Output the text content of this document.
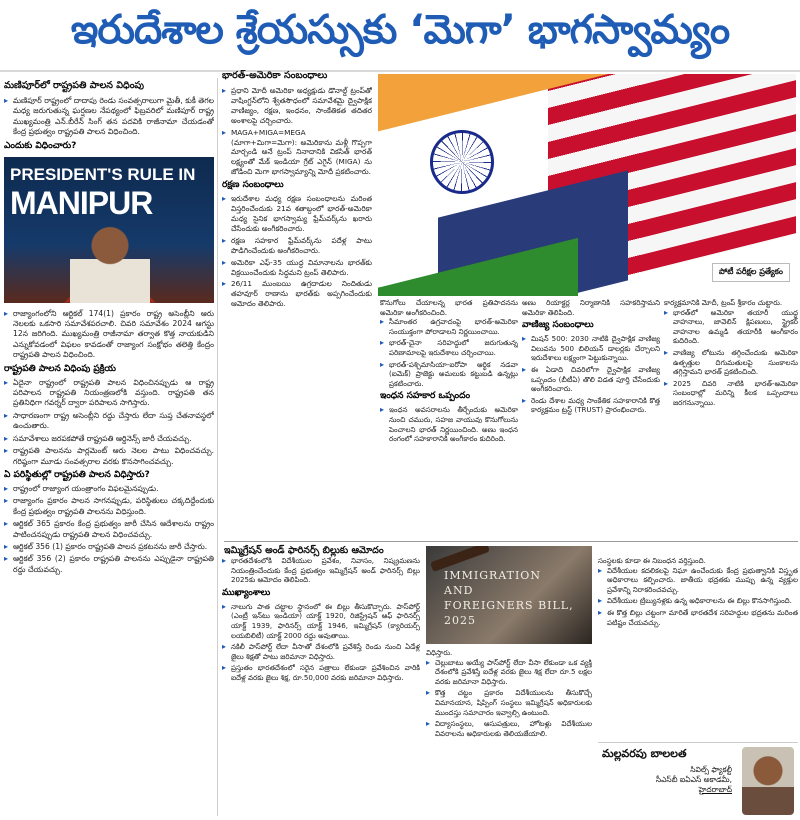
ఇరుదేశాల శ్రేయస్సుకు ‘మెగా’ భాగస్వామ్యం
మణిపూర్‌లో రాష్ట్రపతి పాలన విధింపు
▸ మణిపూర్ రాష్ట్రంలో దాదాపు రెండు సంవత్సరాలుగా మైతీ, కుకీ తెగల మధ్య జరుగుతున్న ఘర్షణల నేపథ్యంలో ఫిబ్రవరిలో మణిపూర్ రాష్ట్ర ముఖ్యమంత్రి ఎన్.బీరేన్ సింగ్ తన పదవికి రాజీనామా చేయడంతో కేంద్ర ప్రభుత్వం రాష్ట్రపతి పాలన విధించింది.
ఎందుకు విధించారు?
PRESIDENT'S RULE IN
MANIPUR
▸ రాజ్యాంగంలోని ఆర్టికల్ 174(1) ప్రకారం రాష్ట్ర అసెంబ్లీని ఆరు నెలలకు ఒకసారి సమావేశపరచాలి. చివరి సమావేశం 2024 ఆగస్టు 12న జరిగింది. ముఖ్యమంత్రి రాజీనామా తర్వాత కొత్త నాయకుడిని ఎన్నుకోవడంలో విఫలం కావడంతో రాజ్యాంగ సంక్షోభం తలెత్తి కేంద్రం రాష్ట్రపతి పాలన విధించింది.
రాష్ట్రపతి పాలన విధింపు ప్రక్రియ
▸ ఏదైనా రాష్ట్రంలో రాష్ట్రపతి పాలన విధించినప్పుడు ఆ రాష్ట్ర పరిపాలన రాష్ట్రపతి నియంత్రణలోకి వస్తుంది. రాష్ట్రపతి తన ప్రతినిధిగా గవర్నర్ ద్వారా పరిపాలన సాగిస్తారు.
▸ సాధారణంగా రాష్ట్ర అసెంబ్లీని రద్దు చేస్తారు లేదా సుప్త చేతనావస్థలో ఉంచుతారు.
▸ సమావేశాలు జరపకపోతే రాష్ట్రపతి ఆర్డినెన్స్ జారీ చేయవచ్చు.
▸ రాష్ట్రపతి పాలనను పార్లమెంట్ ఆరు నెలల పాటు విధించవచ్చు. గరిష్ఠంగా మూడు సంవత్సరాల వరకు కొనసాగించవచ్చు.
ఏ పరిస్థితుల్లో రాష్ట్రపతి పాలన విధిస్తారు?
▸ రాష్ట్రంలో రాజ్యాంగ యంత్రాంగం విఫలమైనప్పుడు.
▸ రాజ్యాంగం ప్రకారం పాలన సాగనప్పుడు, పరిస్థితులు చక్కదిద్దేందుకు కేంద్ర ప్రభుత్వం రాష్ట్రపతి పాలనను విధిస్తుంది.
▸ ఆర్టికల్ 365 ప్రకారం కేంద్ర ప్రభుత్వం జారీ చేసిన ఆదేశాలను రాష్ట్రం పాటించనప్పుడు రాష్ట్రపతి పాలన విధించవచ్చు.
▸ ఆర్టికల్ 356 (1) ప్రకారం రాష్ట్రపతి పాలన ప్రకటనను జారీ చేస్తారు.
▸ ఆర్టికల్ 356 (2) ప్రకారం రాష్ట్రపతి పాలనను ఎప్పుడైనా రాష్ట్రపతి రద్దు చేయవచ్చు.
భారత్-అమెరికా సంబంధాలు
▸ ప్రధాని మోదీ అమెరికా అధ్యక్షుడు డొనాల్డ్ ట్రంప్‌తో వాషింగ్టన్‌లోని శ్వేతసౌధంలో సమావేశమై ద్వైపాక్షిక వాణిజ్యం, రక్షణ, ఇంధనం, సాంకేతికత తదితర అంశాలపై చర్చించారు.
▸ MAGA+MIGA=MEGA (మాగా+మిగా=మెగా): అమెరికాను మళ్లీ గొప్పగా మార్చండి అనే ట్రంప్ నినాదానికి వికసిత్ భారత్ లక్ష్యంతో మేక్ ఇండియా గ్రేట్ ఎగైన్ (MIGA) ను జోడించి మెగా భాగస్వామ్యాన్ని మోదీ ప్రకటించారు.
రక్షణ సంబంధాలు
▸ ఇరుదేశాల మధ్య రక్షణ సంబంధాలను మరింత విస్తరించేందుకు 21వ శతాబ్దంలో భారత్-అమెరికా మధ్య సైనిక భాగస్వామ్య ఫ్రేమ్‌వర్క్‌ను ఖరారు చేసేందుకు అంగీకరించారు.
▸ రక్షణ సహకార ఫ్రేమ్‌వర్క్‌ను పదేళ్ల పాటు పొడిగించేందుకు అంగీకరించారు.
▸ అమెరికా ఎఫ్-35 యుద్ధ విమానాలను భారత్‌కు విక్రయించేందుకు సిద్ధమని ట్రంప్ తెలిపారు.
▸ 26/11 ముంబయి ఉగ్రదాడుల నిందితుడు తహవూర్ రాణాను భారత్‌కు అప్పగించేందుకు ఆమోదం తెలిపారు.
కరెంట్ అఫైర్స్
పోటీ పరీక్షల ప్రత్యేకం

కొనుగోలు చేయాలన్న భారత ప్రతిపాదనను అమెరికా అంగీకరించింది.

▸ సీమాంతర ఉగ్రవాదంపై భారత్-అమెరికా సంయుక్తంగా పోరాడాలని నిర్ణయించాయి.
▸ భారత్-చైనా సరిహద్దులో జరుగుతున్న పరిణామాలపై ఇరుదేశాలు చర్చించాయి.
▸ భారత్-పశ్చిమాసియా-ఐరోపా ఆర్థిక నడవా (ఐమెక్) ప్రాజెక్టు అమలుకు కట్టుబడి ఉన్నట్లు ప్రకటించారు.
ఇంధన సహకార ఒప్పందం
▸ ఇంధన అవసరాలను తీర్చేందుకు అమెరికా నుంచి చమురు, సహజ వాయువు కొనుగోలును పెంచాలని భారత్ నిర్ణయించింది. అణు ఇంధన రంగంలో సహకారానికి అంగీకారం కుదిరింది.

అణు రియాక్టర్ల నిర్మాణానికి సహకరిస్తామని అమెరికా తెలిపింది.

వాణిజ్య సంబంధాలు
▸ మిషన్ 500: 2030 నాటికి ద్వైపాక్షిక వాణిజ్య విలువను 500 బిలియన్ డాలర్లకు చేర్చాలని ఇరుదేశాలు లక్ష్యంగా పెట్టుకున్నాయి.
▸ ఈ ఏడాది చివరిలోగా ద్వైపాక్షిక వాణిజ్య ఒప్పందం (బీటీఏ) తొలి విడత పూర్తి చేసేందుకు అంగీకరించారు.
▸ రెండు దేశాల మధ్య సాంకేతిక సహకారానికి కొత్త కార్యక్రమం ట్రస్ట్ (TRUST) ప్రారంభించారు.

కార్యక్రమానికి మోదీ, ట్రంప్ శ్రీకారం చుట్టారు.

▸ భారత్‌లో అమెరికా తయారీ యుద్ధ వాహనాలు, జావెలిన్ క్షిపణులు, స్ట్రైకర్ వాహనాల ఉమ్మడి తయారీకి అంగీకారం కుదిరింది.
▸ వాణిజ్య లోటును తగ్గించేందుకు అమెరికా ఉత్పత్తుల దిగుమతులపై సుంకాలను తగ్గిస్తామని భారత్ ప్రకటించింది.
▸ 2025 చివరి నాటికి భారత్-అమెరికా సంబంధాల్లో మరిన్ని కీలక ఒప్పందాలు జరగనున్నాయి.
ఇమ్మిగ్రేషన్ అండ్ ఫారినర్స్ బిల్లుకు ఆమోదం
▸ భారతదేశంలోకి విదేశీయుల ప్రవేశం, నివాసం, నిష్క్రమణను నియంత్రించేందుకు కేంద్ర ప్రభుత్వం ఇమ్మిగ్రేషన్ అండ్ ఫారినర్స్ బిల్లు 2025కు ఆమోదం తెలిపింది.
ముఖ్యాంశాలు
▸ నాలుగు పాత చట్టాల స్థానంలో ఈ బిల్లు తీసుకొచ్చారు. పాస్‌పోర్ట్ (ఎంట్రీ ఇన్‌టు ఇండియా) యాక్ట్ 1920, రిజిస్ట్రేషన్ ఆఫ్ ఫారినర్స్ యాక్ట్ 1939, ఫారినర్స్ యాక్ట్ 1946, ఇమ్మిగ్రేషన్ (క్యారియర్స్ లయబిలిటీ) యాక్ట్ 2000 రద్దు అవుతాయి.
▸ నకిలీ పాస్‌పోర్ట్ లేదా వీసాతో దేశంలోకి ప్రవేశిస్తే రెండు నుంచి ఏడేళ్ల జైలు శిక్షతో పాటు జరిమానా విధిస్తారు.
▸ ప్రస్తుతం భారతదేశంలో సరైన పత్రాలు లేకుండా ప్రవేశించిన వారికి ఐదేళ్ల వరకు జైలు శిక్ష, రూ.50,000 వరకు జరిమానా విధిస్తారు.
IMMIGRATION
AND
FOREIGNERS BILL, 2025

విధిస్తారు.

▸ చెల్లుబాటు అయ్యే పాస్‌పోర్ట్ లేదా వీసా లేకుండా ఒక వ్యక్తి దేశంలోకి ప్రవేశిస్తే ఐదేళ్ల వరకు జైలు శిక్ష లేదా రూ.5 లక్షల వరకు జరిమానా విధిస్తారు.
▸ కొత్త చట్టం ప్రకారం విదేశీయులను తీసుకొచ్చే విమానయాన, షిప్పింగ్ సంస్థలు ఇమ్మిగ్రేషన్ అధికారులకు ముందస్తు సమాచారం ఇవ్వాల్సి ఉంటుంది.
▸ విద్యాసంస్థలు, ఆసుపత్రులు, హోటళ్లు విదేశీయుల వివరాలను అధికారులకు తెలియజేయాలి.

సంస్థలకు కూడా ఈ నిబంధన వర్తిస్తుంది.

▸ విదేశీయుల కదలికలపై నిఘా ఉంచేందుకు కేంద్ర ప్రభుత్వానికి విస్తృత అధికారాలు కల్పించారు. జాతీయ భద్రతకు ముప్పు ఉన్న వ్యక్తుల ప్రవేశాన్ని నిరాకరించవచ్చు.
▸ విదేశీయుల ట్రిబ్యునళ్లకు ఉన్న అధికారాలను ఈ బిల్లు కొనసాగిస్తుంది.
▸ ఈ కొత్త బిల్లు చట్టంగా మారితే భారతదేశ సరిహద్దుల భద్రతను మరింత పటిష్టం చేయవచ్చు.
మల్లవరపు బాలలత
సివిల్స్ ఫ్యాకల్టీ
సీఎస్‌బీ ఐఏఎస్ అకాడమీ,
హైదరాబాద్
